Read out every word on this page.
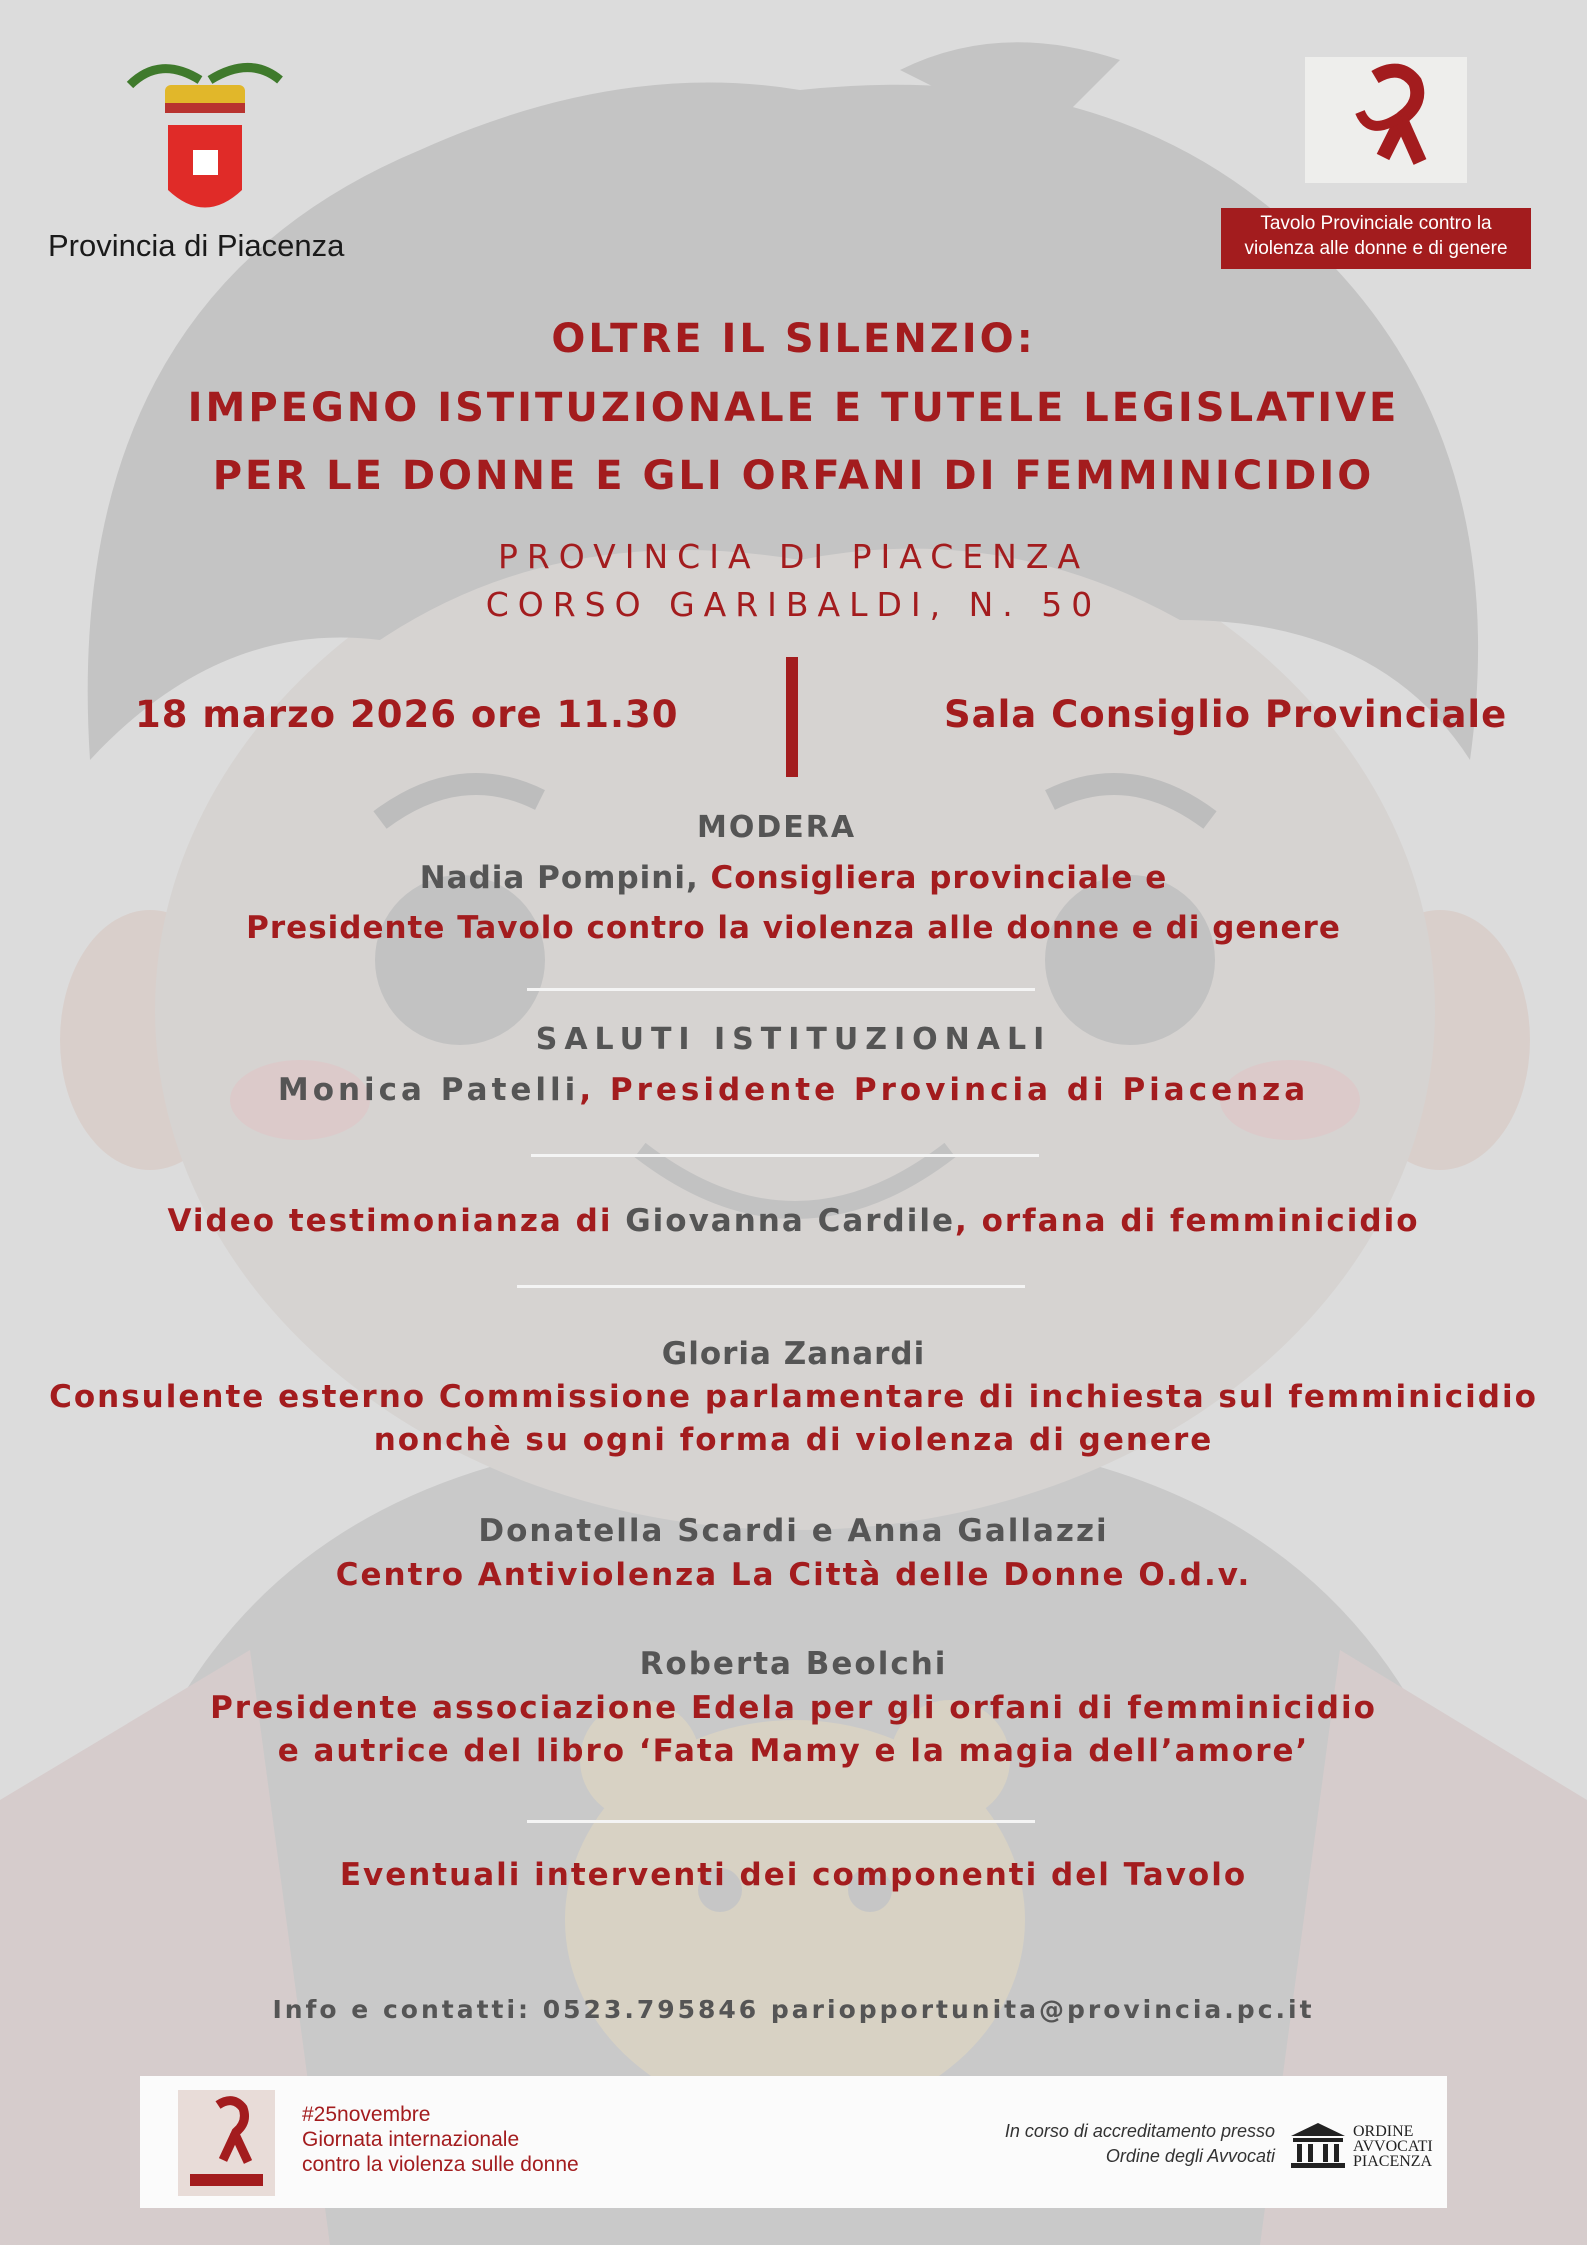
Provincia di Piacenza
Tavolo Provinciale contro la
violenza alle donne e di genere
OLTRE IL SILENZIO:
IMPEGNO ISTITUZIONALE E TUTELE LEGISLATIVE
PER LE DONNE E GLI ORFANI DI FEMMINICIDIO
PROVINCIA DI PIACENZA
CORSO GARIBALDI, N. 50
18 marzo 2026 ore 11.30	Sala Consiglio Provinciale
MODERA
Nadia Pompini, Consigliera provinciale e
Presidente Tavolo contro la violenza alle donne e di genere
SALUTI ISTITUZIONALI
Monica Patelli, Presidente Provincia di Piacenza
Video testimonianza di Giovanna Cardile, orfana di femminicidio
Gloria Zanardi
Consulente esterno Commissione parlamentare di inchiesta sul femminicidio
nonchè su ogni forma di violenza di genere
Donatella Scardi e Anna Gallazzi
Centro Antiviolenza La Città delle Donne O.d.v.
Roberta Beolchi
Presidente associazione Edela per gli orfani di femminicidio
e autrice del libro ‘Fata Mamy e la magia dell’amore’
Eventuali interventi dei componenti del Tavolo
Info e contatti: 0523.795846 pariopportunita@provincia.pc.it
#25novembre
Giornata internazionale
contro la violenza sulle donne
In corso di accreditamento presso
Ordine degli Avvocati
ORDINE
AVVOCATI
PIACENZA
